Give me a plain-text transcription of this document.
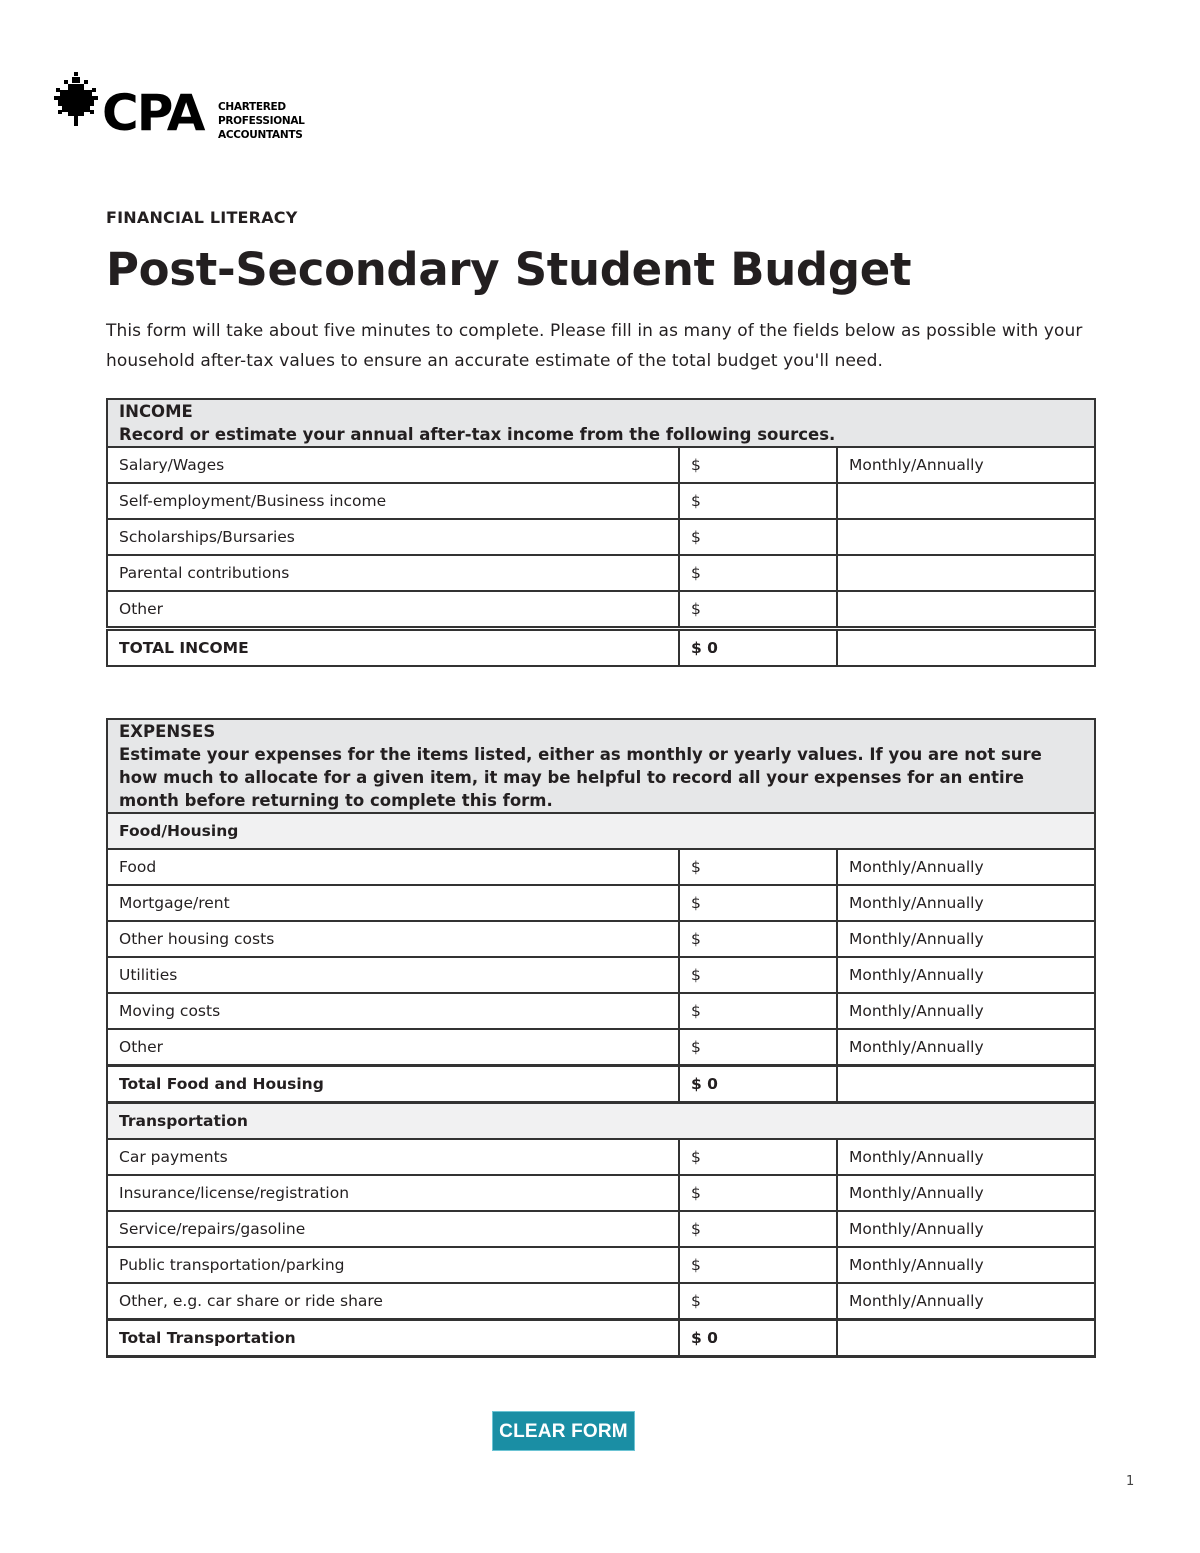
CPA CHARTERED
PROFESSIONAL
ACCOUNTANTS
FINANCIAL LITERACY
Post-Secondary Student Budget
This form will take about five minutes to complete. Please fill in as many of the fields below as possible with your household after-tax values to ensure an accurate estimate of the total budget you'll need.
INCOME
Record or estimate your annual after-tax income from the following sources.		

Salary/Wages	$	Monthly/Annually
Self-employment/Business income	$	
Scholarships/Bursaries	$	
Parental contributions	$	
Other	$	
TOTAL INCOME	$ 0	
EXPENSES
Estimate your expenses for the items listed, either as monthly or yearly values. If you are not sure how much to allocate for a given item, it may be helpful to record all your expenses for an entire month before returning to complete this form.		

Food/Housing		
Food	$	Monthly/Annually
Mortgage/rent	$	Monthly/Annually
Other housing costs	$	Monthly/Annually
Utilities	$	Monthly/Annually
Moving costs	$	Monthly/Annually
Other	$	Monthly/Annually
Total Food and Housing	$ 0	
Transportation		
Car payments	$	Monthly/Annually
Insurance/license/registration	$	Monthly/Annually
Service/repairs/gasoline	$	Monthly/Annually
Public transportation/parking	$	Monthly/Annually
Other, e.g. car share or ride share	$	Monthly/Annually
Total Transportation	$ 0	
CLEAR FORM
1
